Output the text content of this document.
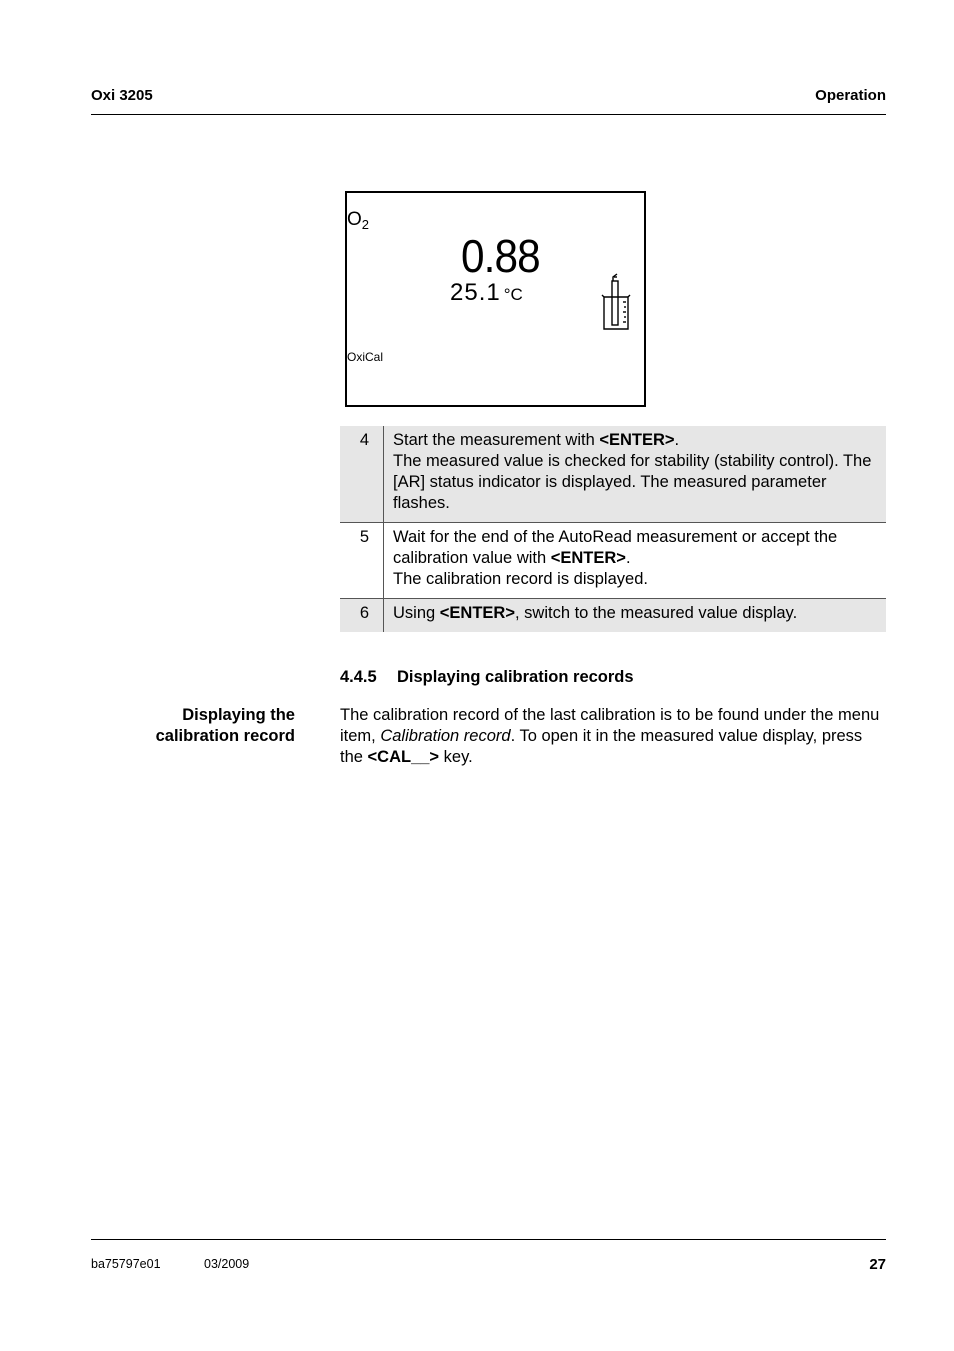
Oxi 3205	Operation
$O_2$
0.88
25.1 °C
OxiCal
4	Start the measurement with <ENTER>.
The measured value is checked for stability (stability control). The [AR] status indicator is displayed. The measured parameter flashes.
5	Wait for the end of the AutoRead measurement or accept the calibration value with <ENTER>.
The calibration record is displayed.
6	Using <ENTER>, switch to the measured value display.
4.4.5 Displaying calibration records
Displaying the
calibration record
The calibration record of the last calibration is to be found under the menu item, Calibration record. To open it in the measured value display, press the <CAL__> key.
ba75797e01	03/2009	27
